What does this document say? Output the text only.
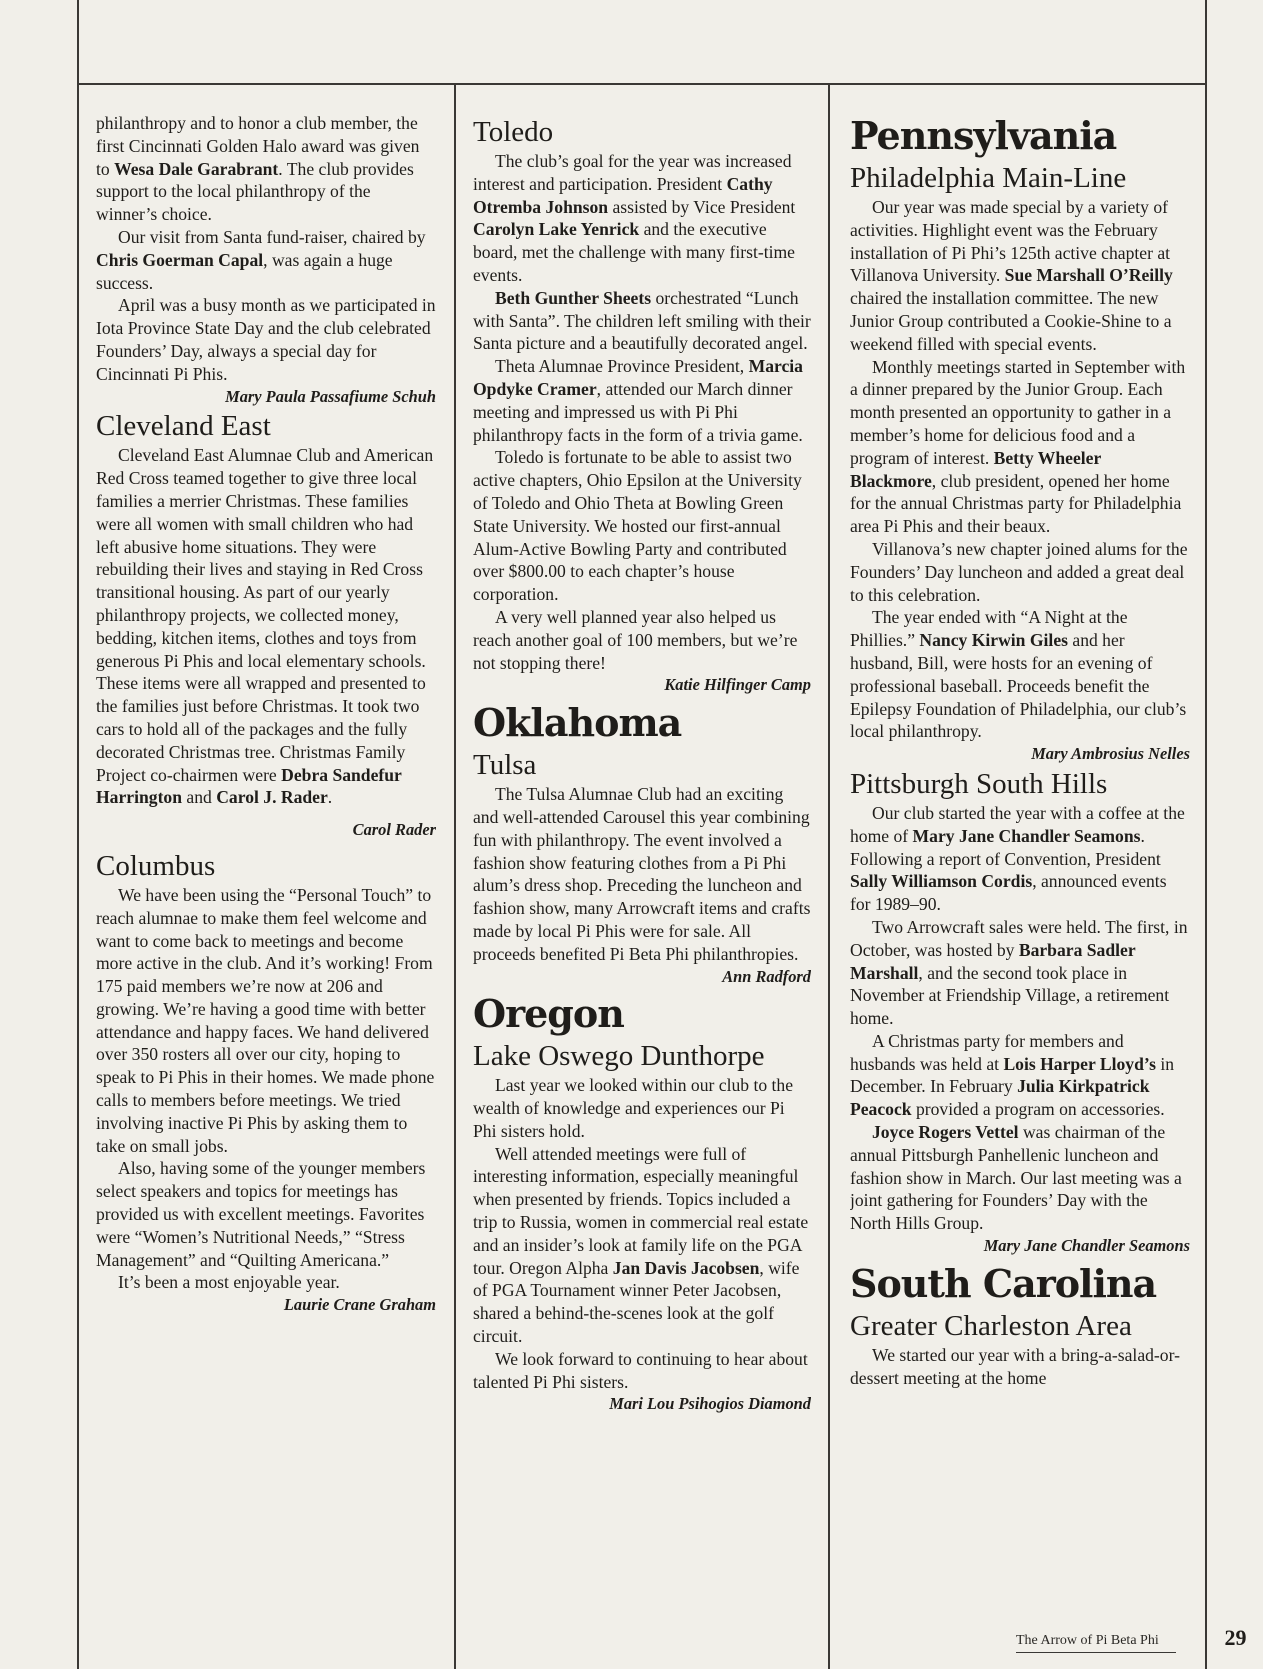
philanthropy and to honor a club member, the first Cincinnati Golden Halo award was given to Wesa Dale Garabrant. The club provides support to the local philanthropy of the winner’s choice.

Our visit from Santa fund-raiser, chaired by Chris Goerman Capal, was again a huge success.

April was a busy month as we participated in Iota Province State Day and the club celebrated Founders’ Day, always a special day for Cincinnati Pi Phis.

Mary Paula Passafiume Schuh

Cleveland East

Cleveland East Alumnae Club and American Red Cross teamed together to give three local families a merrier Christmas. These families were all women with small children who had left abusive home situations. They were rebuilding their lives and staying in Red Cross transitional housing. As part of our yearly philanthropy projects, we collected money, bedding, kitchen items, clothes and toys from generous Pi Phis and local elementary schools. These items were all wrapped and presented to the families just before Christmas. It took two cars to hold all of the packages and the fully decorated Christmas tree. Christmas Family Project co-chairmen were Debra Sandefur Harrington and Carol J. Rader.

Carol Rader

Columbus

We have been using the “Personal Touch” to reach alumnae to make them feel welcome and want to come back to meetings and become more active in the club. And it’s working! From 175 paid members we’re now at 206 and growing. We’re having a good time with better attendance and happy faces. We hand delivered over 350 rosters all over our city, hoping to speak to Pi Phis in their homes. We made phone calls to members before meetings. We tried involving inactive Pi Phis by asking them to take on small jobs.

Also, having some of the younger members select speakers and topics for meetings has provided us with excellent meetings. Favorites were “Women’s Nutritional Needs,” “Stress Management” and “Quilting Americana.”

It’s been a most enjoyable year.

Laurie Crane Graham

Toledo

The club’s goal for the year was increased interest and participation. President Cathy Otremba Johnson assisted by Vice President Carolyn Lake Yenrick and the executive board, met the challenge with many first-time events.

Beth Gunther Sheets orchestrated “Lunch with Santa”. The children left smiling with their Santa picture and a beautifully decorated angel.

Theta Alumnae Province President, Marcia Opdyke Cramer, attended our March dinner meeting and impressed us with Pi Phi philanthropy facts in the form of a trivia game.

Toledo is fortunate to be able to assist two active chapters, Ohio Epsilon at the University of Toledo and Ohio Theta at Bowling Green State University. We hosted our first-annual Alum-Active Bowling Party and contributed over $800.00 to each chapter’s house corporation.

A very well planned year also helped us reach another goal of 100 members, but we’re not stopping there!

Katie Hilfinger Camp

Oklahoma
Tulsa

The Tulsa Alumnae Club had an exciting and well-attended Carousel this year combining fun with philanthropy. The event involved a fashion show featuring clothes from a Pi Phi alum’s dress shop. Preceding the luncheon and fashion show, many Arrowcraft items and crafts made by local Pi Phis were for sale. All proceeds benefited Pi Beta Phi philanthropies.

Ann Radford

Oregon
Lake Oswego Dunthorpe

Last year we looked within our club to the wealth of knowledge and experiences our Pi Phi sisters hold.

Well attended meetings were full of interesting information, especially meaningful when presented by friends. Topics included a trip to Russia, women in commercial real estate and an insider’s look at family life on the PGA tour. Oregon Alpha Jan Davis Jacobsen, wife of PGA Tournament winner Peter Jacobsen, shared a behind-the-scenes look at the golf circuit.

We look forward to continuing to hear about talented Pi Phi sisters.

Mari Lou Psihogios Diamond

Pennsylvania
Philadelphia Main-Line

Our year was made special by a variety of activities. Highlight event was the February installation of Pi Phi’s 125th active chapter at Villanova University. Sue Marshall O’Reilly chaired the installation committee. The new Junior Group contributed a Cookie-Shine to a weekend filled with special events.

Monthly meetings started in September with a dinner prepared by the Junior Group. Each month presented an opportunity to gather in a member’s home for delicious food and a program of interest. Betty Wheeler Blackmore, club president, opened her home for the annual Christmas party for Philadelphia area Pi Phis and their beaux.

Villanova’s new chapter joined alums for the Founders’ Day luncheon and added a great deal to this celebration.

The year ended with “A Night at the Phillies.” Nancy Kirwin Giles and her husband, Bill, were hosts for an evening of professional baseball. Proceeds benefit the Epilepsy Foundation of Philadelphia, our club’s local philanthropy.

Mary Ambrosius Nelles

Pittsburgh South Hills

Our club started the year with a coffee at the home of Mary Jane Chandler Seamons. Following a report of Convention, President Sally Williamson Cordis, announced events for 1989–90.

Two Arrowcraft sales were held. The first, in October, was hosted by Barbara Sadler Marshall, and the second took place in November at Friendship Village, a retirement home.

A Christmas party for members and husbands was held at Lois Harper Lloyd’s in December. In February Julia Kirkpatrick Peacock provided a program on accessories.

Joyce Rogers Vettel was chairman of the annual Pittsburgh Panhellenic luncheon and fashion show in March. Our last meeting was a joint gathering for Founders’ Day with the North Hills Group.

Mary Jane Chandler Seamons

South Carolina
Greater Charleston Area

We started our year with a bring-a-salad-or-dessert meeting at the home

The Arrow of Pi Beta Phi	29
